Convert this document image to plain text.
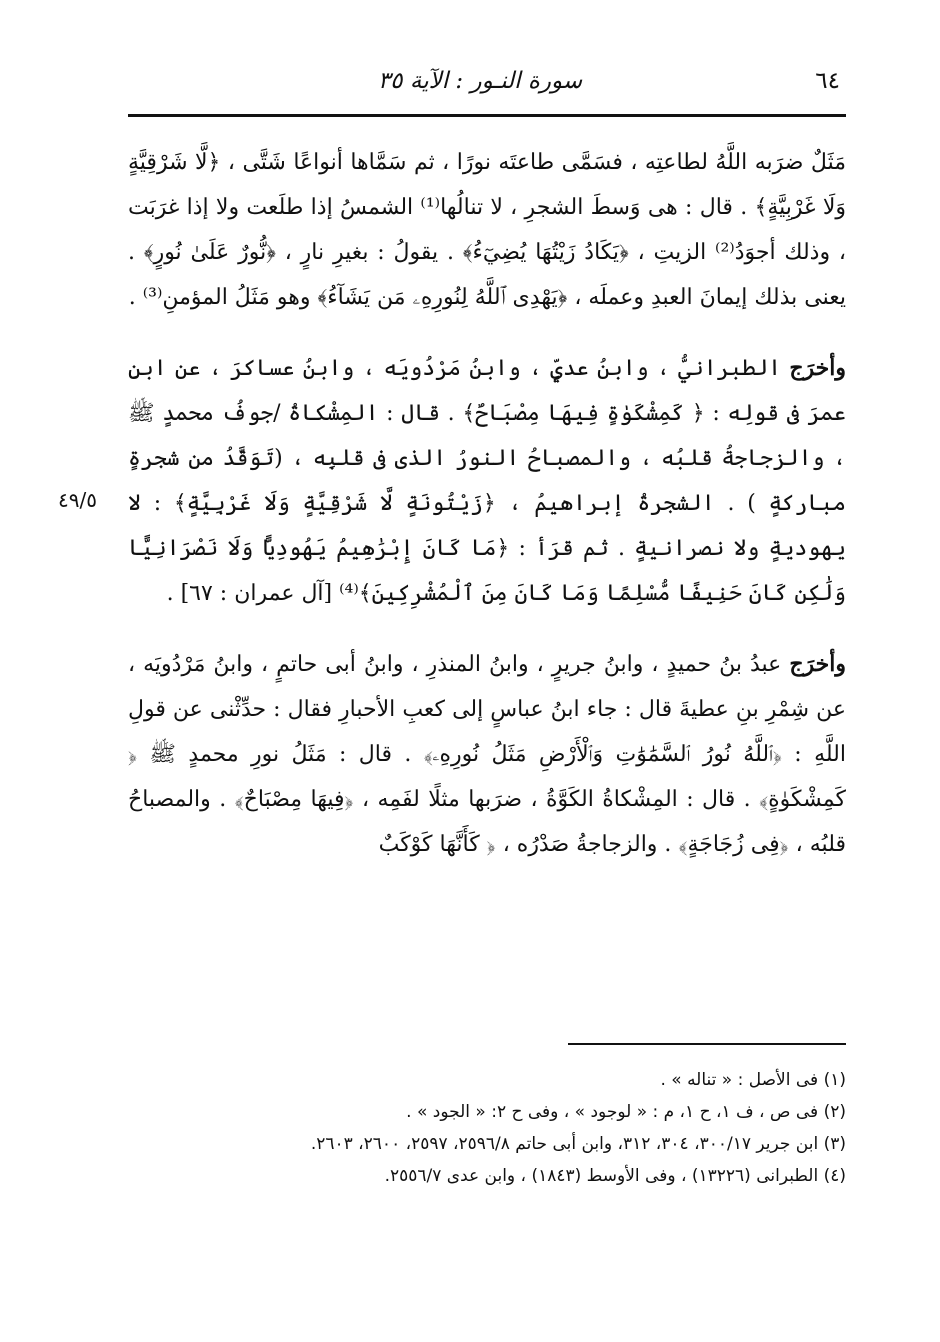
٦٤
سورة النـور : الآية ٣٥
٤٩/٥
مَثَلٌ ضرَبه اللَّهُ لطاعتِه ، فسَمَّى طاعتَه نورًا ، ثم سَمَّاها أنواعًا شَتَّى ، ﴿لَّا شَرْقِيَّةٍ وَلَا غَرْبِيَّةٍ﴾ . قال : هى وَسطَ الشجرِ ، لا تنالُها⁽¹⁾ الشمسُ إذا طلَعت ولا إذا غرَبَت ، وذلك أجوَدُ⁽²⁾ الزيتِ ، ﴿يَكَادُ زَيْتُهَا يُضِيٓءُ﴾ . يقولُ : بغيرِ نارٍ ، ﴿نُّورٌ عَلَىٰ نُورٍ﴾ . يعنى بذلك إيمانَ العبدِ وعملَه ، ﴿يَهْدِى ٱللَّهُ لِنُورِهِۦ مَن يَشَآءُ﴾ وهو مَثَلُ المؤمنِ⁽³⁾ .
وأخرَج الطبرانيُّ ، وابنُ عديٍّ ، وابنُ مَرْدُويَه ، وابنُ عساكرَ ، عن ابنِ عمرَ فى قولِه : ﴿ كَمِشْكَوٰةٍ فِيهَا مِصْبَاحٌ﴾ . قال : المِشْكاةُ /جوفُ محمدٍ ﷺ ، والزجاجةُ قلبُه ، والمصباحُ النورُ الذى فى قلبِه ، (تَوَقَّدُ من شجرةٍ مباركةٍ ) . الشجرةُ إبراهيمُ ، ﴿زَيْتُونَةٍ لَّا شَرْقِيَّةٍ وَلَا غَرْبِيَّةٍ﴾ : لا يهوديةٍ ولا نصرانيةٍ . ثم قرَأ : ﴿مَا كَانَ إِبْرَٰهِيمُ يَهُودِيًّا وَلَا نَصْرَانِيًّا وَلَٰكِن كَانَ حَنِيفًا مُّسْلِمًا وَمَا كَانَ مِنَ ٱلْمُشْرِكِينَ﴾⁽⁴⁾ [آل عمران : ٦٧] .
وأخرَج عبدُ بنُ حميدٍ ، وابنُ جريرٍ ، وابنُ المنذرِ ، وابنُ أبى حاتمٍ ، وابنُ مَرْدُويَه ، عن شِمْرِ بنِ عطيةَ قال : جاء ابنُ عباسٍ إلى كعبِ الأحبارِ فقال : حدِّثْنى عن قولِ اللَّهِ : ﴿ٱللَّهُ نُورُ ٱلسَّمَٰوَٰتِ وَٱلْأَرْضِ مَثَلُ نُورِهِۦ﴾ . قال : مَثَلُ نورِ محمدٍ ﷺ ﴿ كَمِشْكَوٰةٍ﴾ . قال : المِشْكاةُ الكَوَّةُ ، ضرَبها مثلًا لفَمِه ، ﴿فِيهَا مِصْبَاحٌ﴾ . والمصباحُ قلبُه ، ﴿فِى زُجَاجَةٍ﴾ . والزجاجةُ صَدْرُه ، ﴿ كَأَنَّهَا كَوْكَبٌ

(١) فى الأصل : « تناله » .

(٢) فى ص ، ف ١، ح ١، م : « لوجود » ، وفى ح ٢: « الجود » .

(٣) ابن جرير ٣٠٠/١٧، ٣٠٤، ٣١٢، وابن أبى حاتم ٢٥٩٦/٨، ٢٥٩٧، ٢٦٠٠، ٢٦٠٣.

(٤) الطبرانى (١٣٢٢٦) ، وفى الأوسط (١٨٤٣) ، وابن عدى ٢٥٥٦/٧.
